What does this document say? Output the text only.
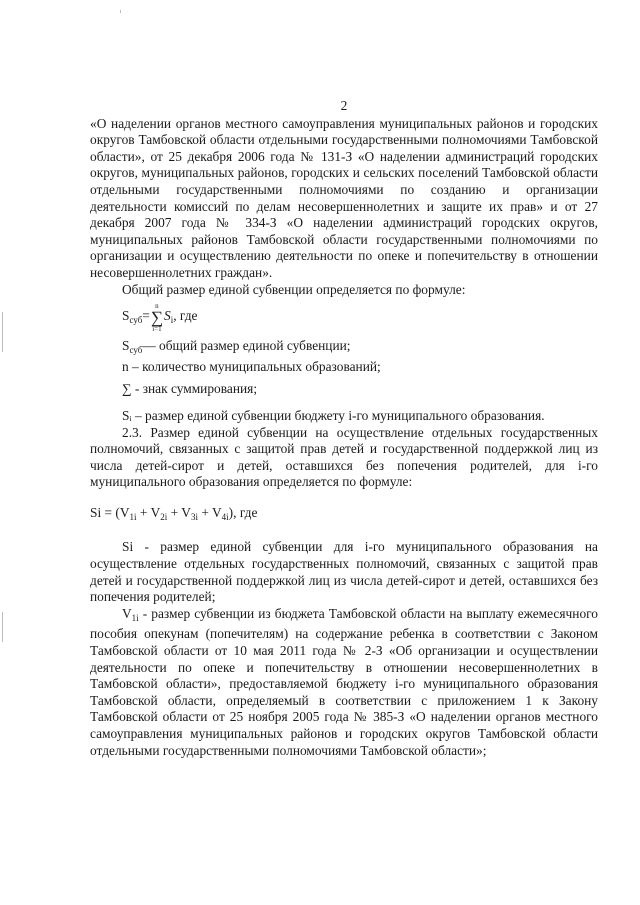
2

«О наделении органов местного самоуправления муниципальных районов и городских округов Тамбовской области отдельными государственными полномочиями Тамбовской области», от 25 декабря 2006 года № 131-З «О наделении администраций городских округов, муниципальных районов, городских и сельских поселений Тамбовской области отдельными государственными полномочиями по созданию и организации деятельности комиссий по делам несовершеннолетних и защите их прав» и от 27 декабря 2007 года № 334-З «О наделении администраций городских округов, муниципальных районов Тамбовской области государственными полномочиями по организации и осуществлению деятельности по опеке и попечительству в отношении несовершеннолетних граждан».

Общий размер единой субвенции определяется по формуле:

$S_{суб}=$
n
∑
i=1
$S_i$, где

$S_{суб}—$ общий размер единой субвенции;

n – количество муниципальных образований;

∑ - знак суммирования;

Sᵢ – размер единой субвенции бюджету i-го муниципального образования.

2.3. Размер единой субвенции на осуществление отдельных государственных полномочий, связанных с защитой прав детей и государственной поддержкой лиц из числа детей-сирот и детей, оставшихся без попечения родителей, для i-го муниципального образования определяется по формуле:

$Si = (V_{1i} + V_{2i} + V_{3i} + V_{4i})$, где

Si - размер единой субвенции для i-го муниципального образования на осуществление отдельных государственных полномочий, связанных с защитой прав детей и государственной поддержкой лиц из числа детей-сирот и детей, оставшихся без попечения родителей;

$V_{1i}$ - размер субвенции из бюджета Тамбовской области на выплату ежемесячного пособия опекунам (попечителям) на содержание ребенка в соответствии с Законом Тамбовской области от 10 мая 2011 года № 2-З «Об организации и осуществлении деятельности по опеке и попечительству в отношении несовершеннолетних в Тамбовской области», предоставляемой бюджету i-го муниципального образования Тамбовской области, определяемый в соответствии с приложением 1 к Закону Тамбовской области от 25 ноября 2005 года № 385-З «О наделении органов местного самоуправления муниципальных районов и городских округов Тамбовской области отдельными государственными полномочиями Тамбовской области»;
